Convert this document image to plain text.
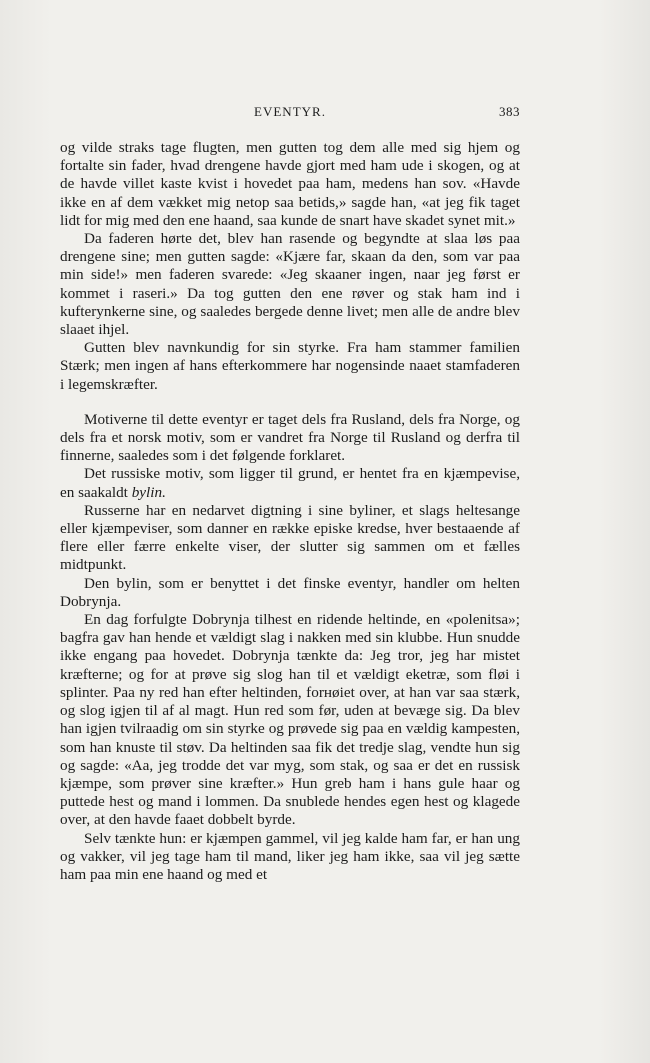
EVENTYR.	383

og vilde straks tage flugten, men gutten tog dem alle med sig hjem og fortalte sin fader, hvad drengene havde gjort med ham ude i skogen, og at de havde villet kaste kvist i hovedet paa ham, medens han sov. «Havde ikke en af dem vækket mig netop saa betids,» sagde han, «at jeg fik taget lidt for mig med den ene haand, saa kunde de snart have skadet synet mit.»

Da faderen hørte det, blev han rasende og begyndte at slaa løs paa drengene sine; men gutten sagde: «Kjære far, skaan da den, som var paa min side!» men faderen svarede: «Jeg skaaner ingen, naar jeg først er kommet i raseri.» Da tog gutten den ene røver og stak ham ind i kufterynkerne sine, og saaledes bergede denne livet; men alle de andre blev slaaet ihjel.

Gutten blev navnkundig for sin styrke. Fra ham stammer familien Stærk; men ingen af hans efterkommere har nogensinde naaet stamfaderen i legemskræfter.

Motiverne til dette eventyr er taget dels fra Rusland, dels fra Norge, og dels fra et norsk motiv, som er vandret fra Norge til Rusland og derfra til finnerne, saaledes som i det følgende forklaret.

Det russiske motiv, som ligger til grund, er hentet fra en kjæmpevise, en saakaldt bylin.

Russerne har en nedarvet digtning i sine byliner, et slags heltesange eller kjæmpeviser, som danner en række episke kredse, hver bestaaende af flere eller færre enkelte viser, der slutter sig sammen om et fælles midtpunkt.

Den bylin, som er benyttet i det finske eventyr, handler om helten Dobrynja.

En dag forfulgte Dobrynja tilhest en ridende heltinde, en «polenitsa»; bagfra gav han hende et vældigt slag i nakken med sin klubbe. Hun snudde ikke engang paa hovedet. Dobrynja tænkte da: Jeg tror, jeg har mistet kræfterne; og for at prøve sig slog han til et vældigt eketræ, som fløi i splinter. Paa ny red han efter heltinden, forнøiet over, at han var saa stærk, og slog igjen til af al magt. Hun red som før, uden at bevæge sig. Da blev han igjen tvilraadig om sin styrke og prøvede sig paa en vældig kampesten, som han knuste til støv. Da heltinden saa fik det tredje slag, vendte hun sig og sagde: «Aa, jeg trodde det var myg, som stak, og saa er det en russisk kjæmpe, som prøver sine kræfter.» Hun greb ham i hans gule haar og puttede hest og mand i lommen. Da snublede hendes egen hest og klagede over, at den havde faaet dobbelt byrde.

Selv tænkte hun: er kjæmpen gammel, vil jeg kalde ham far, er han ung og vakker, vil jeg tage ham til mand, liker jeg ham ikke, saa vil jeg sætte ham paa min ene haand og med et
